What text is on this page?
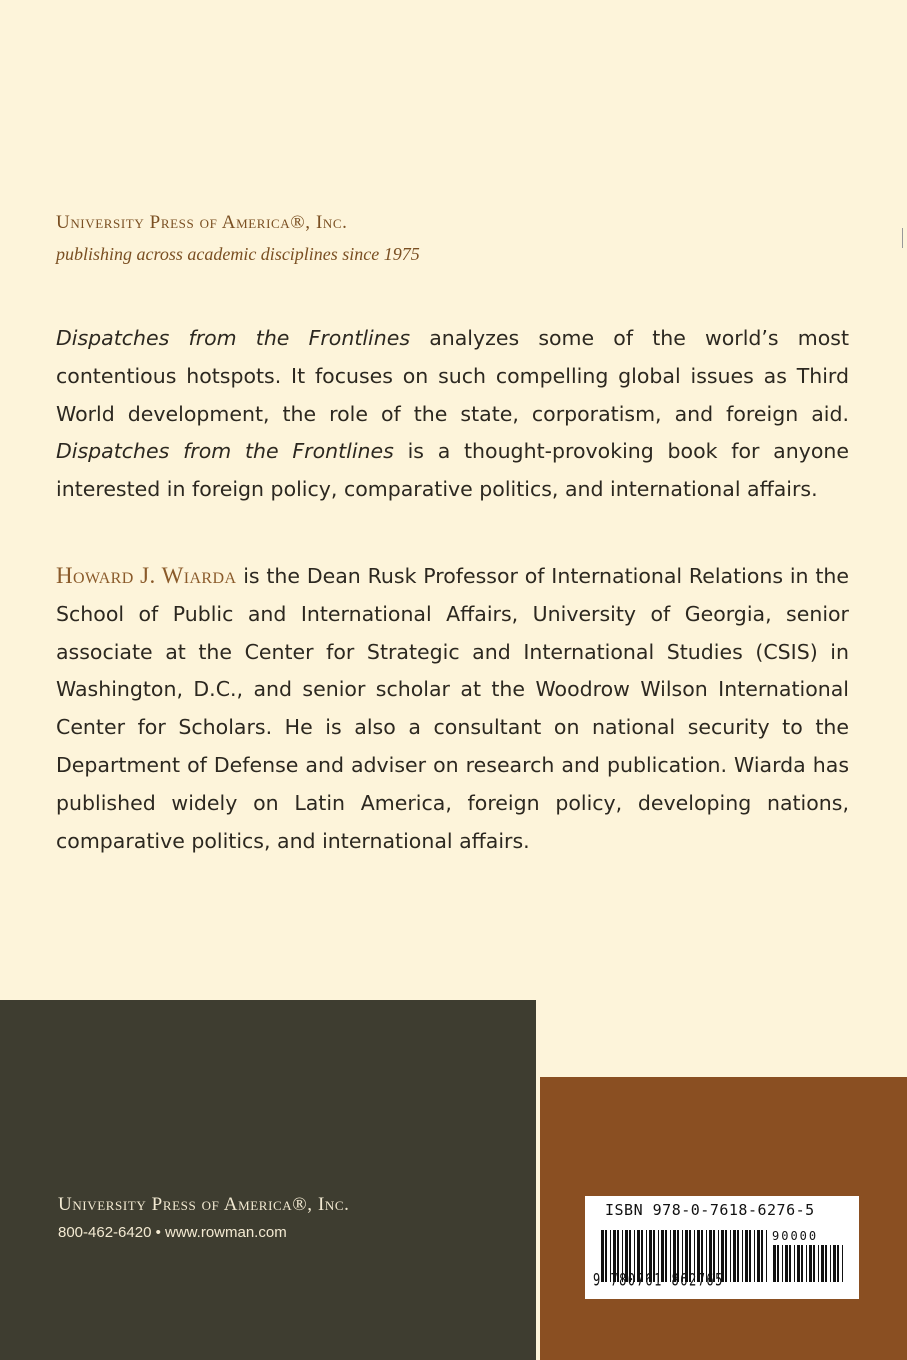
University Press of America®, Inc.

publishing across academic disciplines since 1975

Dispatches from the Frontlines analyzes some of the world’s most contentious hotspots. It focuses on such compelling global issues as Third World development, the role of the state, corporatism, and foreign aid. Dispatches from the Frontlines is a thought-provoking book for anyone interested in foreign policy, comparative politics, and international affairs.

Howard J. Wiarda is the Dean Rusk Professor of International Relations in the School of Public and International Affairs, University of Georgia, senior associate at the Center for Strategic and International Studies (CSIS) in Washington, D.C., and senior scholar at the Woodrow Wilson International Center for Scholars. He is also a consultant on national security to the Department of Defense and adviser on research and publication. Wiarda has published widely on Latin America, foreign policy, developing nations, comparative politics, and international affairs.

University Press of America®, Inc.

800-462-6420 • www.rowman.com
ISBN 978-0-7618-6276-5
90000
9 780761 862765
